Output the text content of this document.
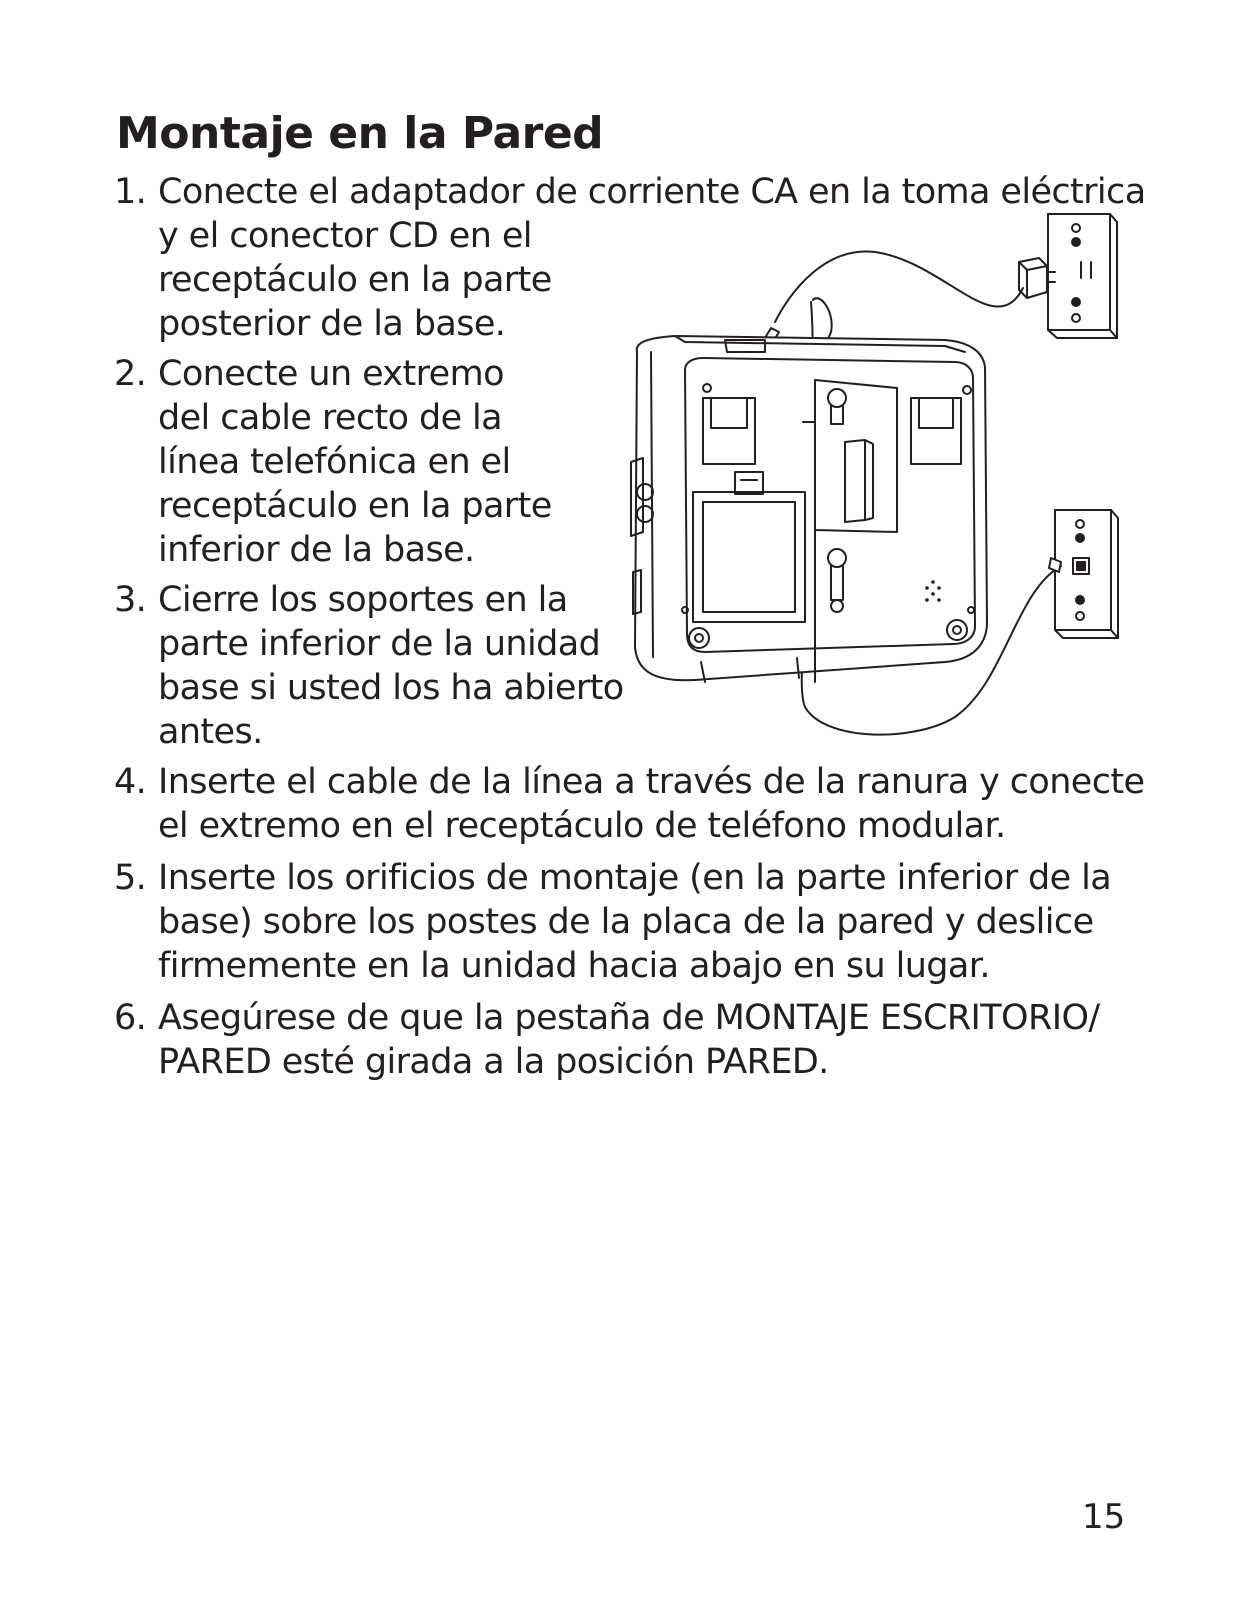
Montaje en la Pared
1. Conecte el adaptador de corriente CA en la toma eléctrica
y el conector CD en el
receptáculo en la parte
posterior de la base.
2. Conecte un extremo
del cable recto de la
línea telefónica en el
receptáculo en la parte
inferior de la base.
3. Cierre los soportes en la
parte inferior de la unidad
base si usted los ha abierto
antes.
4. Inserte el cable de la línea a través de la ranura y conecte
el extremo en el receptáculo de teléfono modular.
5. Inserte los orificios de montaje (en la parte inferior de la
base) sobre los postes de la placa de la pared y deslice
firmemente en la unidad hacia abajo en su lugar.
6. Asegúrese de que la pestaña de MONTAJE ESCRITORIO/
PARED esté girada a la posición PARED.
15
